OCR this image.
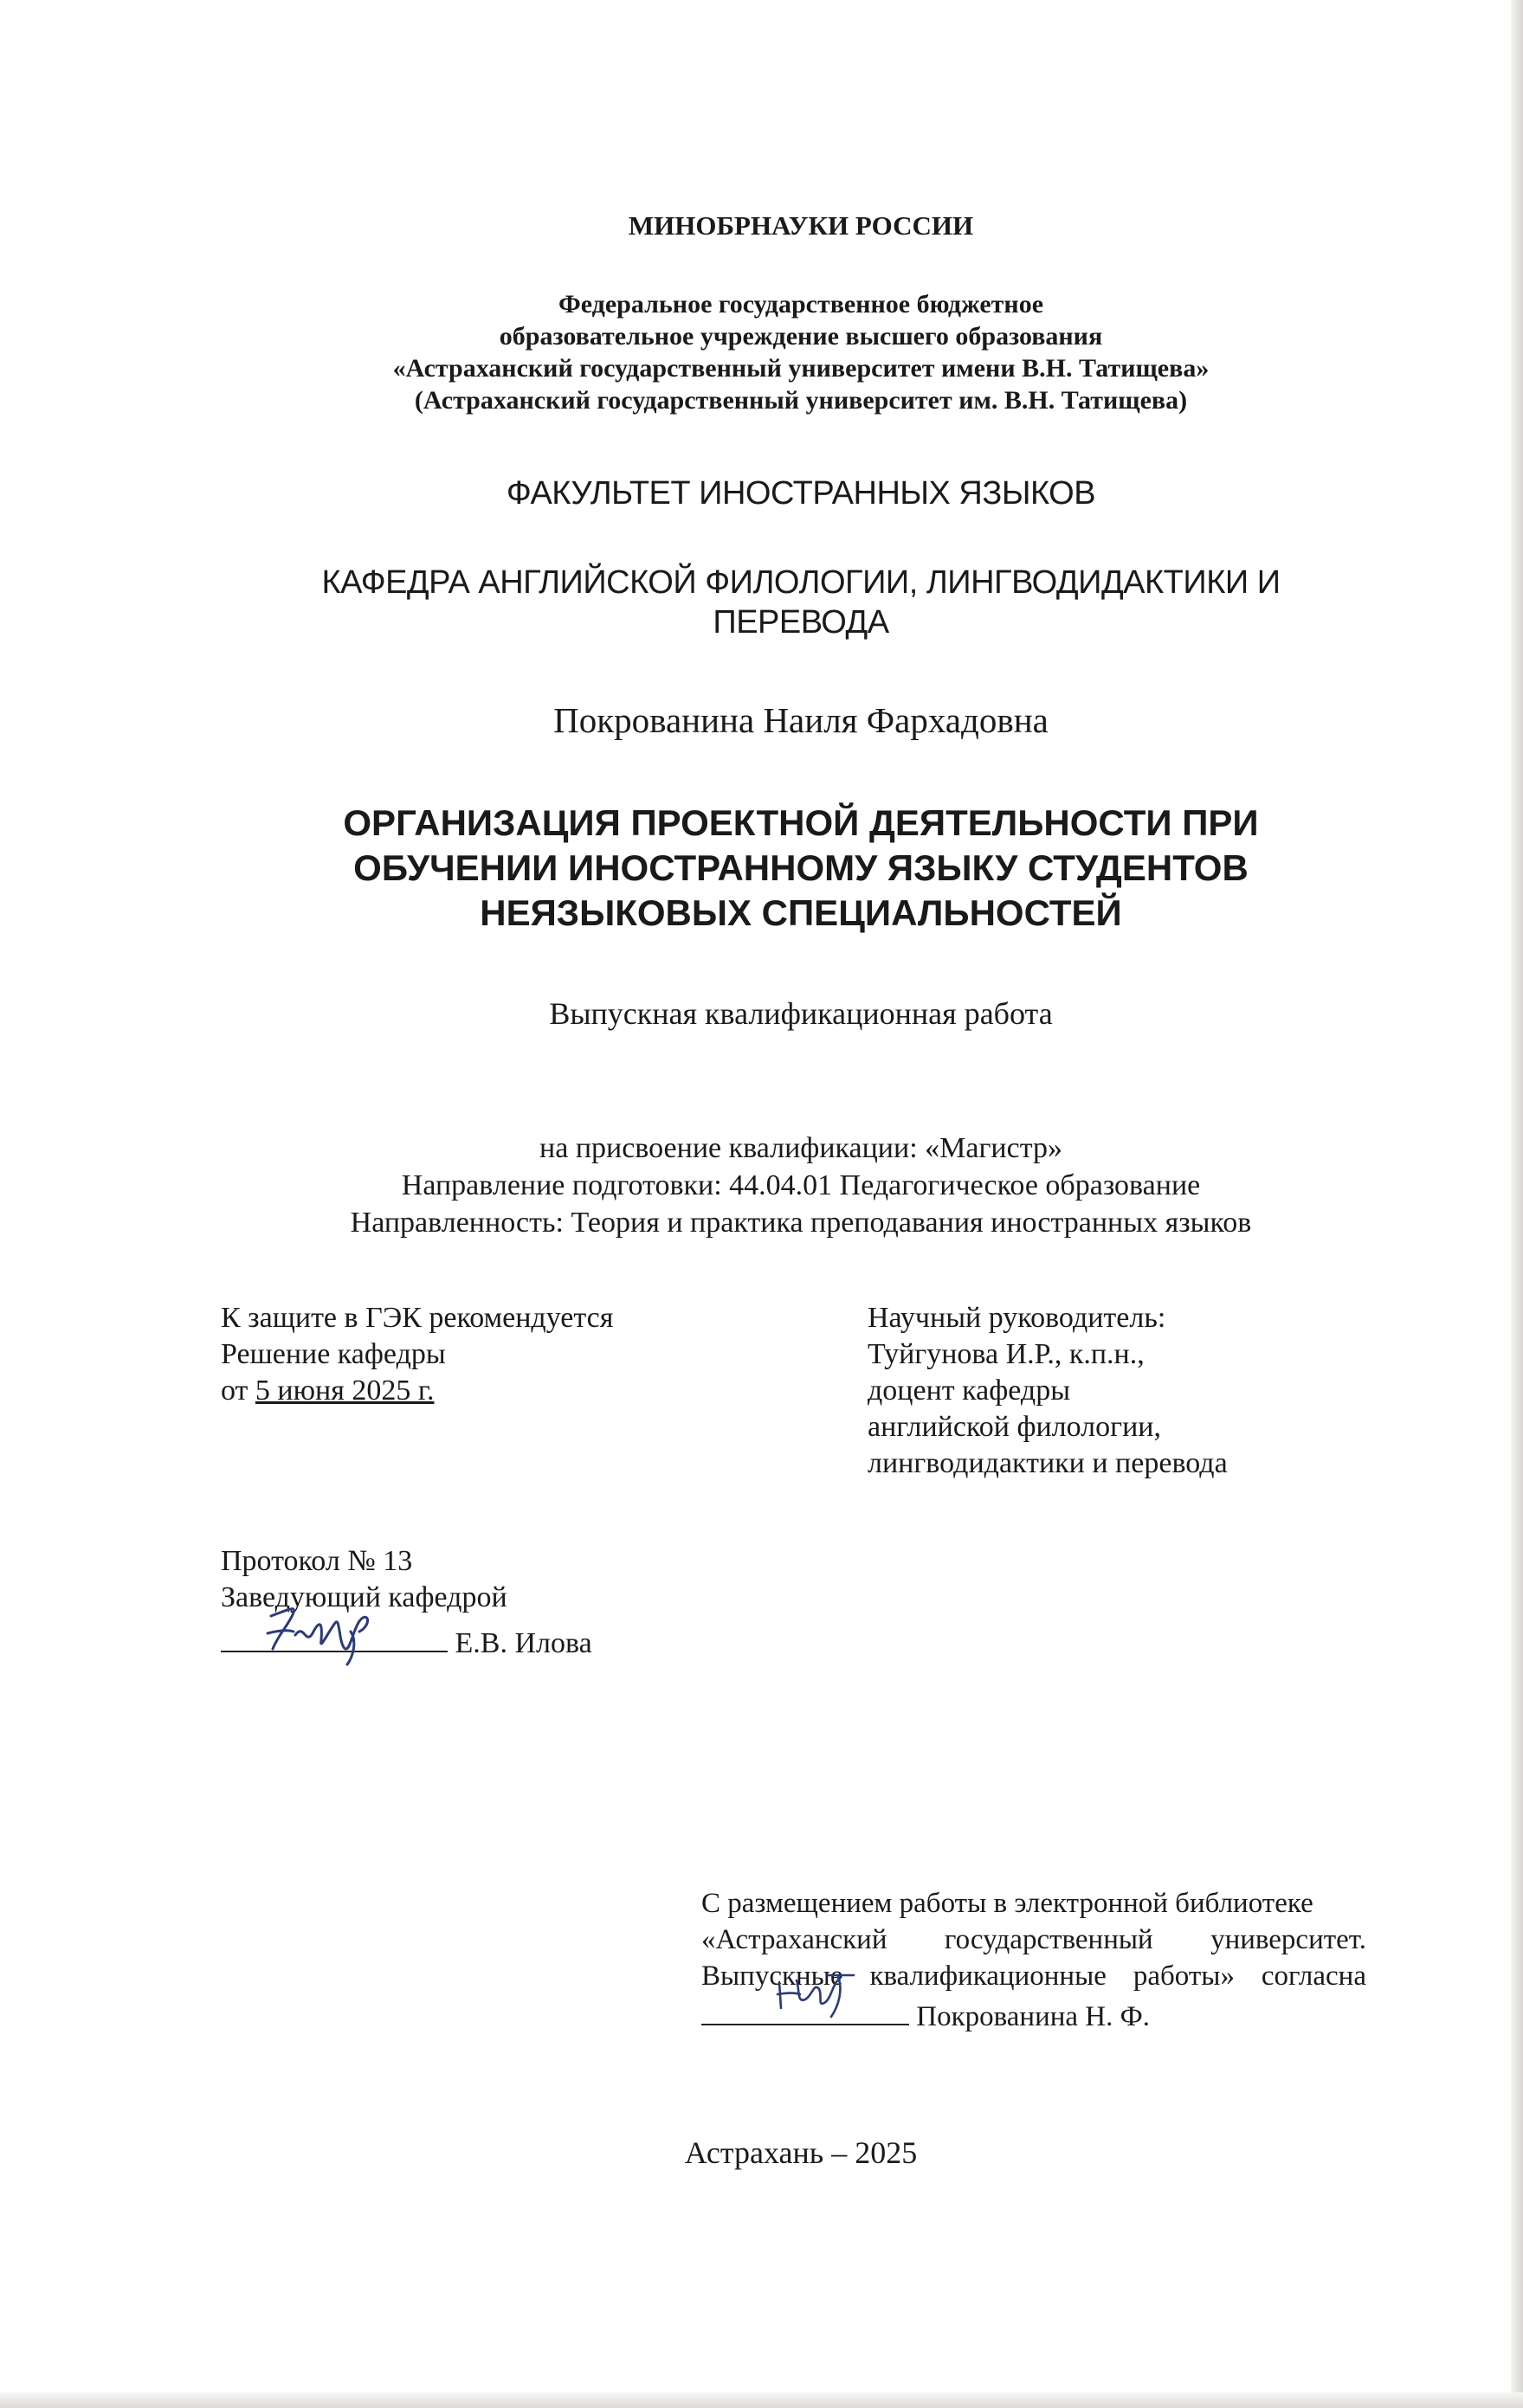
МИНОБРНАУКИ РОССИИ
Федеральное государственное бюджетное
образовательное учреждение высшего образования
«Астраханский государственный университет имени В.Н. Татищева»
(Астраханский государственный университет им. В.Н. Татищева)
ФАКУЛЬТЕТ ИНОСТРАННЫХ ЯЗЫКОВ
КАФЕДРА АНГЛИЙСКОЙ ФИЛОЛОГИИ, ЛИНГВОДИДАКТИКИ И
ПЕРЕВОДА
Покрованина Наиля Фархадовна
ОРГАНИЗАЦИЯ ПРОЕКТНОЙ ДЕЯТЕЛЬНОСТИ ПРИ
ОБУЧЕНИИ ИНОСТРАННОМУ ЯЗЫКУ СТУДЕНТОВ
НЕЯЗЫКОВЫХ СПЕЦИАЛЬНОСТЕЙ
Выпускная квалификационная работа
на присвоение квалификации: «Магистр»
Направление подготовки: 44.04.01 Педагогическое образование
Направленность: Теория и практика преподавания иностранных языков
К защите в ГЭК рекомендуется
Решение кафедры
от 5 июня 2025 г.
Научный руководитель:
Туйгунова И.Р., к.п.н.,
доцент кафедры
английской филологии,
лингводидактики и перевода
Протокол № 13
Заведующий кафедрой
Е.В. Илова
С размещением работы в электронной библиотеке
«Астраханский государственный университет.
Выпускные квалификационные работы» согласна
Покрованина Н. Ф.
Астрахань – 2025
